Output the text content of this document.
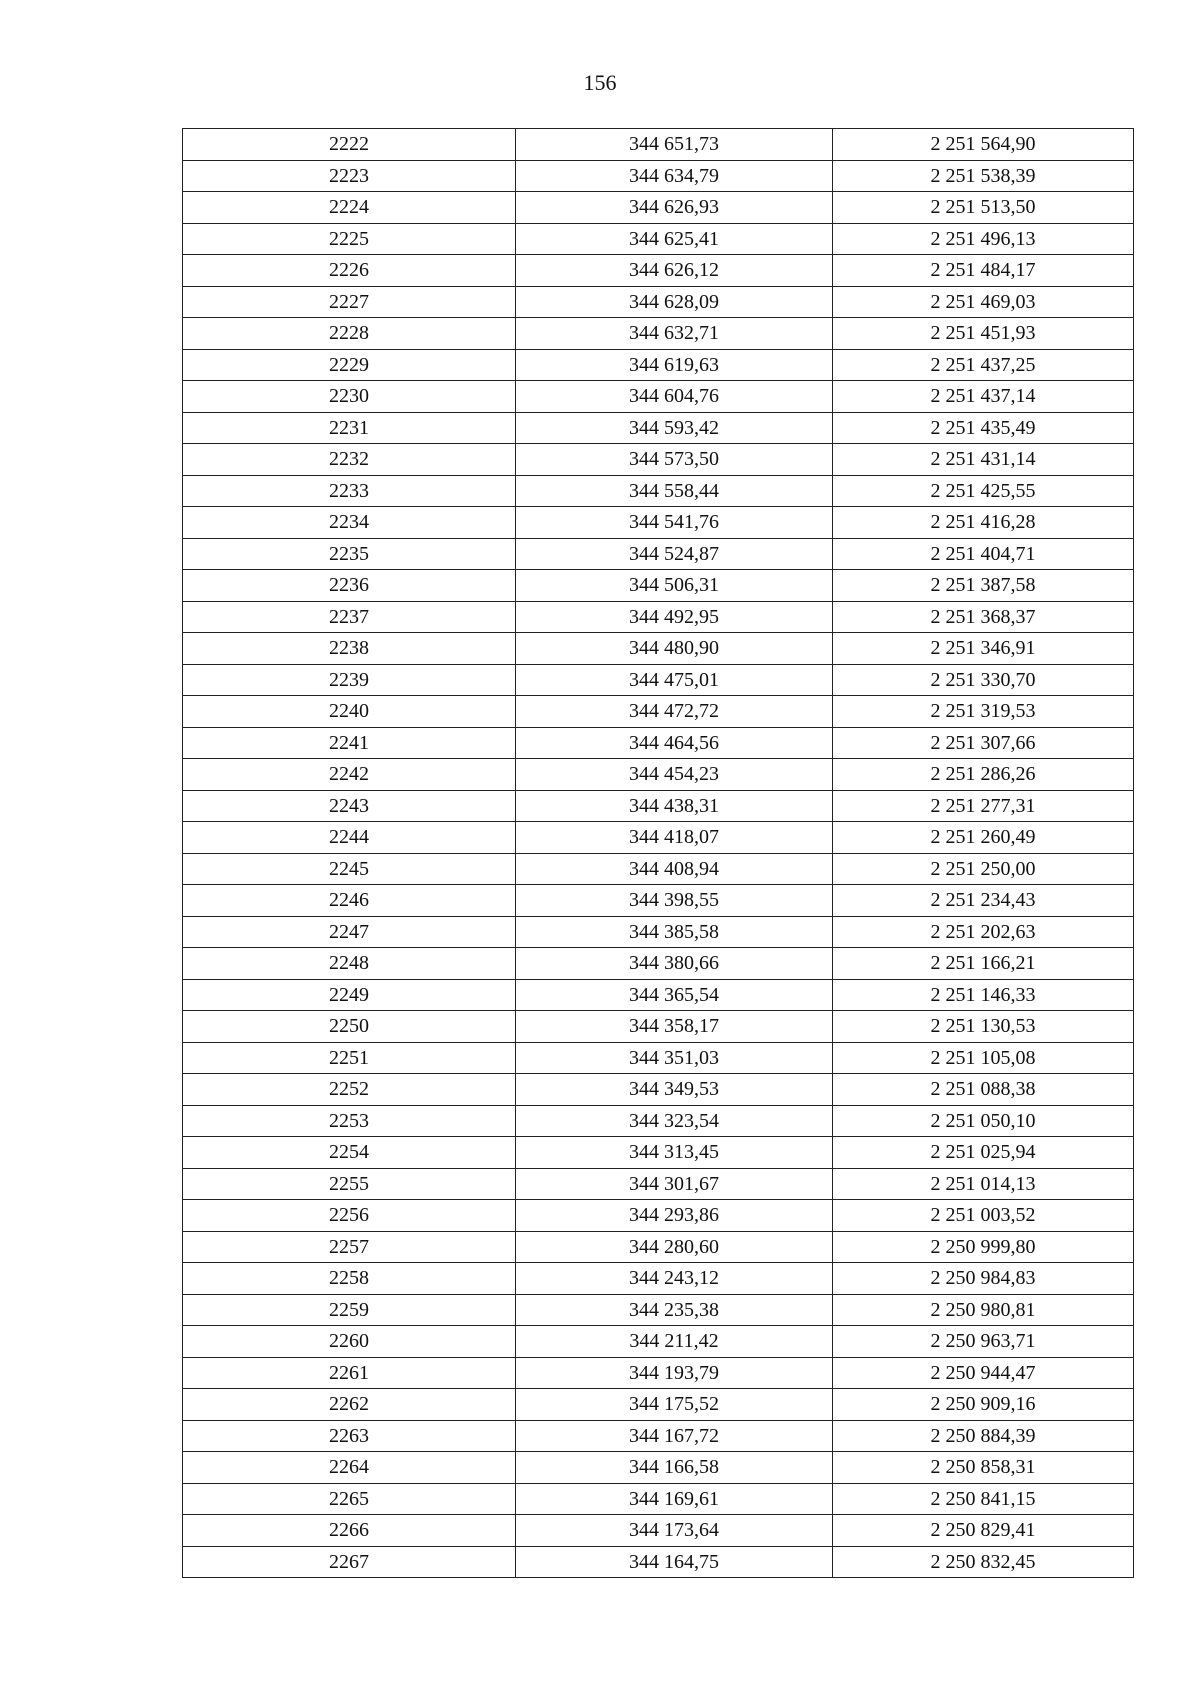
156
2222	344 651,73	2 251 564,90
2223	344 634,79	2 251 538,39
2224	344 626,93	2 251 513,50
2225	344 625,41	2 251 496,13
2226	344 626,12	2 251 484,17
2227	344 628,09	2 251 469,03
2228	344 632,71	2 251 451,93
2229	344 619,63	2 251 437,25
2230	344 604,76	2 251 437,14
2231	344 593,42	2 251 435,49
2232	344 573,50	2 251 431,14
2233	344 558,44	2 251 425,55
2234	344 541,76	2 251 416,28
2235	344 524,87	2 251 404,71
2236	344 506,31	2 251 387,58
2237	344 492,95	2 251 368,37
2238	344 480,90	2 251 346,91
2239	344 475,01	2 251 330,70
2240	344 472,72	2 251 319,53
2241	344 464,56	2 251 307,66
2242	344 454,23	2 251 286,26
2243	344 438,31	2 251 277,31
2244	344 418,07	2 251 260,49
2245	344 408,94	2 251 250,00
2246	344 398,55	2 251 234,43
2247	344 385,58	2 251 202,63
2248	344 380,66	2 251 166,21
2249	344 365,54	2 251 146,33
2250	344 358,17	2 251 130,53
2251	344 351,03	2 251 105,08
2252	344 349,53	2 251 088,38
2253	344 323,54	2 251 050,10
2254	344 313,45	2 251 025,94
2255	344 301,67	2 251 014,13
2256	344 293,86	2 251 003,52
2257	344 280,60	2 250 999,80
2258	344 243,12	2 250 984,83
2259	344 235,38	2 250 980,81
2260	344 211,42	2 250 963,71
2261	344 193,79	2 250 944,47
2262	344 175,52	2 250 909,16
2263	344 167,72	2 250 884,39
2264	344 166,58	2 250 858,31
2265	344 169,61	2 250 841,15
2266	344 173,64	2 250 829,41
2267	344 164,75	2 250 832,45
